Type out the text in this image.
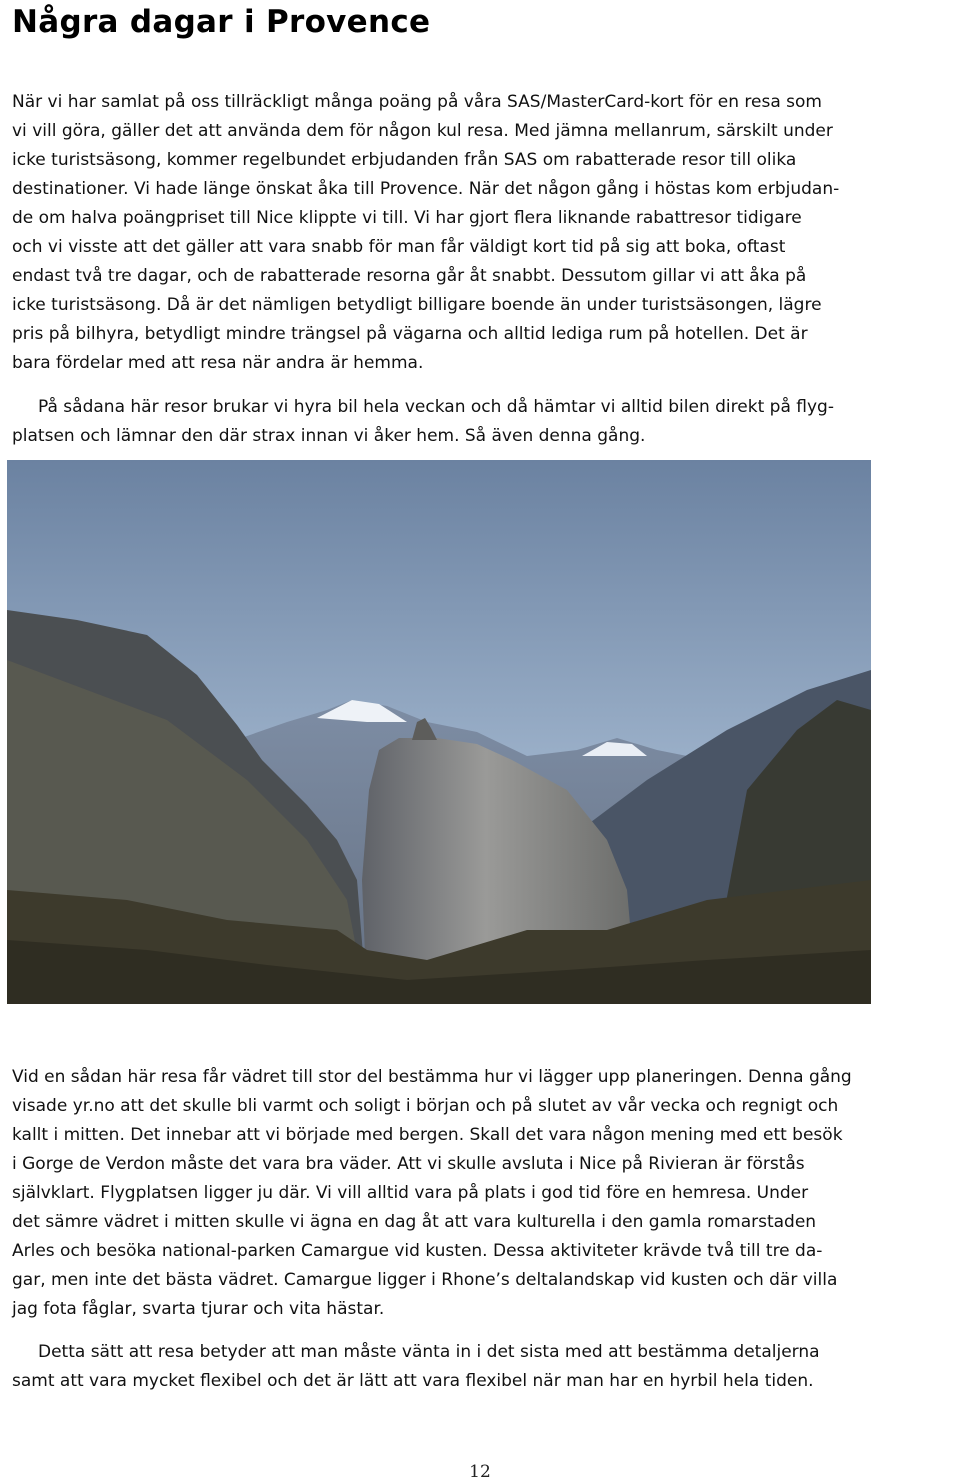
Några dagar i Provence
När vi har samlat på oss tillräckligt många poäng på våra SAS/MasterCard-kort för en resa som
vi vill göra, gäller det att använda dem för någon kul resa. Med jämna mellanrum, särskilt under
icke turistsäsong, kommer regelbundet erbjudanden från SAS om rabatterade resor till olika
destinationer. Vi hade länge önskat åka till Provence. När det någon gång i höstas kom erbjudan-
de om halva poängpriset till Nice klippte vi till. Vi har gjort flera liknande rabattresor tidigare
och vi visste att det gäller att vara snabb för man får väldigt kort tid på sig att boka, oftast
endast två tre dagar, och de rabatterade resorna går åt snabbt. Dessutom gillar vi att åka på
icke turistsäsong. Då är det nämligen betydligt billigare boende än under turistsäsongen, lägre
pris på bilhyra, betydligt mindre trängsel på vägarna och alltid lediga rum på hotellen. Det är
bara fördelar med att resa när andra är hemma.
På sådana här resor brukar vi hyra bil hela veckan och då hämtar vi alltid bilen direkt på flyg-
platsen och lämnar den där strax innan vi åker hem. Så även denna gång.
Vid en sådan här resa får vädret till stor del bestämma hur vi lägger upp planeringen. Denna gång
visade yr.no att det skulle bli varmt och soligt i början och på slutet av vår vecka och regnigt och
kallt i mitten. Det innebar att vi började med bergen. Skall det vara någon mening med ett besök
i Gorge de Verdon måste det vara bra väder. Att vi skulle avsluta i Nice på Rivieran är förstås
självklart. Flygplatsen ligger ju där. Vi vill alltid vara på plats i god tid före en hemresa. Under
det sämre vädret i mitten skulle vi ägna en dag åt att vara kulturella i den gamla romarstaden
Arles och besöka national-parken Camargue vid kusten. Dessa aktiviteter krävde två till tre da-
gar, men inte det bästa vädret. Camargue ligger i Rhone’s deltalandskap vid kusten och där villa
jag fota fåglar, svarta tjurar och vita hästar.
Detta sätt att resa betyder att man måste vänta in i det sista med att bestämma detaljerna
samt att vara mycket flexibel och det är lätt att vara flexibel när man har en hyrbil hela tiden.
12
